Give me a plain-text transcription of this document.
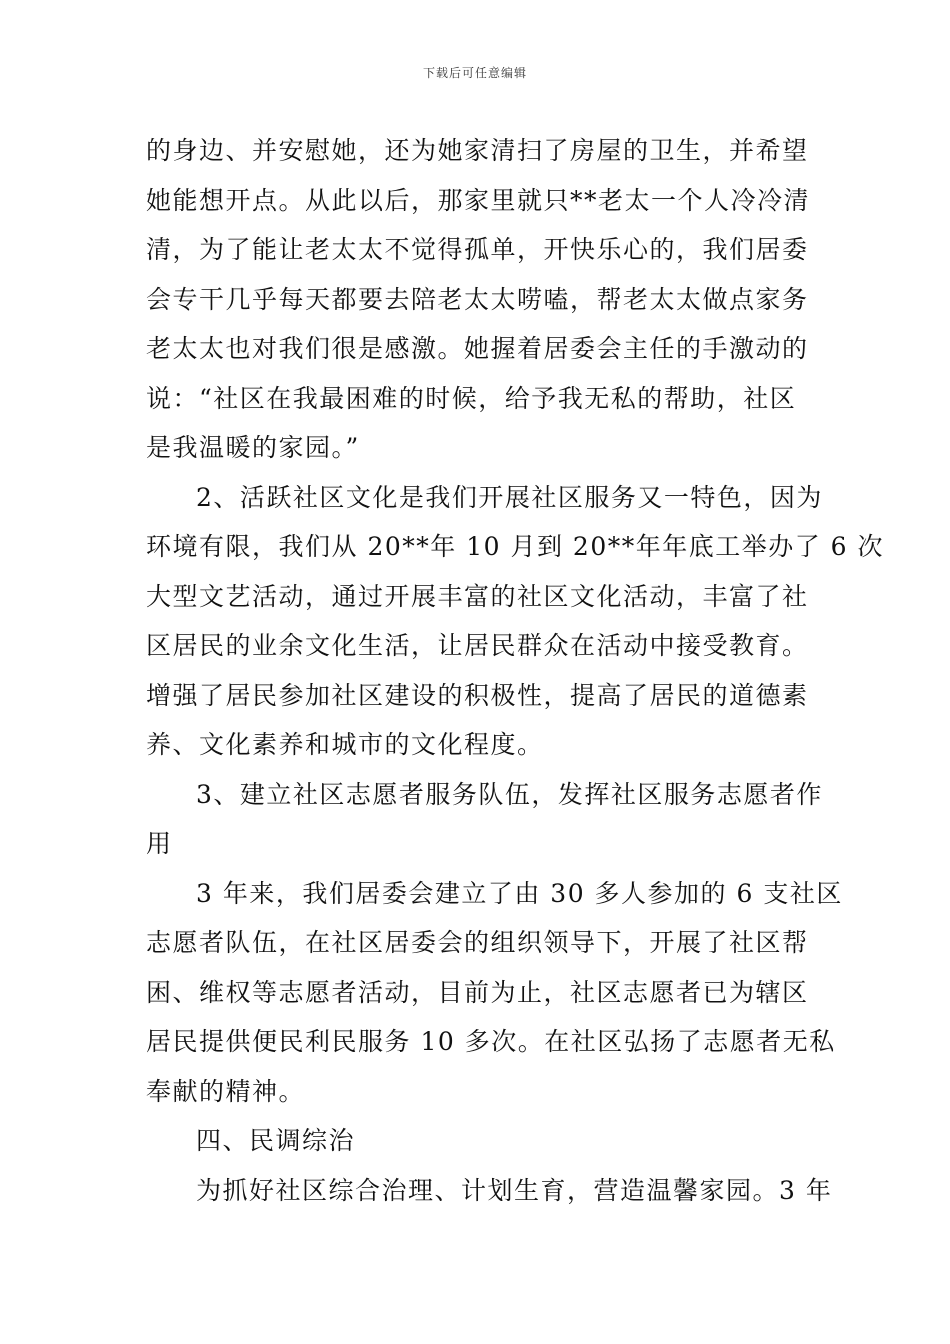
下载后可任意编辑
的身边、并安慰她，还为她家清扫了房屋的卫生，并希望
她能想开点。从此以后，那家里就只**老太一个人冷冷清
清，为了能让老太太不觉得孤单，开快乐心的，我们居委
会专干几乎每天都要去陪老太太唠嗑，帮老太太做点家务
老太太也对我们很是感激。她握着居委会主任的手激动的
说：“社区在我最困难的时候，给予我无私的帮助，社区
是我温暖的家园。”
2、活跃社区文化是我们开展社区服务又一特色，因为
环境有限，我们从 20**年 10 月到 20**年年底工举办了 6 次
大型文艺活动，通过开展丰富的社区文化活动，丰富了社
区居民的业余文化生活，让居民群众在活动中接受教育。
增强了居民参加社区建设的积极性，提高了居民的道德素
养、文化素养和城市的文化程度。
3、建立社区志愿者服务队伍，发挥社区服务志愿者作
用
3 年来，我们居委会建立了由 30 多人参加的 6 支社区
志愿者队伍，在社区居委会的组织领导下，开展了社区帮
困、维权等志愿者活动，目前为止，社区志愿者已为辖区
居民提供便民利民服务 10 多次。在社区弘扬了志愿者无私
奉献的精神。
四、民调综治
为抓好社区综合治理、计划生育，营造温馨家园。3 年
